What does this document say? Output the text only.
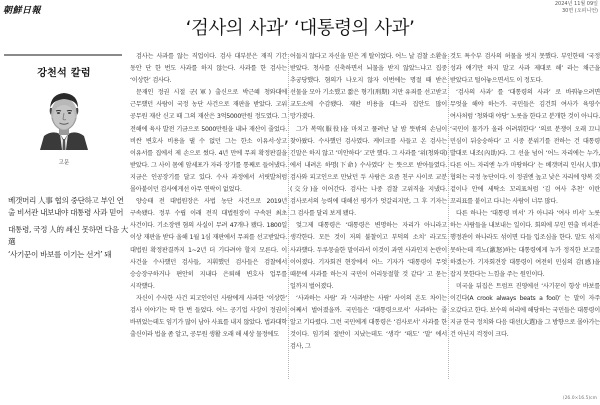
朝鮮日報
2024년 11월 09일
30면 (오피니언)
‘검사의 사과’ ‘대통령의 사과’
강천석 칼럼
고문
베갯머리 人事 협의 중단하고 부인 연출 비서관 내보내야 대통령 사과 믿어
대통령, 국정 人的 쇄신 못하면 다음 大選
‘사기꾼이 바보를 이기는 선거’ 돼

검사는 사과를 않는 직업이다. 검사 대부분은 재직 기간 동안 단 한 번도 사과를 하지 않는다. 사과를 한 검사는 ‘이상한’ 검사다.

문재인 정권 시절 군(軍) 출신으로 박근혜 청와대에 근무했던 사람이 국정 농단 사건으로 재판을 받았다. 고위 공무원 재산 신고 때 그의 재산은 3억5000만원 정도였다. 그 전해에 육사 발전 기금으로 5000만원을 내놔 재산이 줄었다. 비싼 변호사 비용을 댈 수 없던 그는 한소 이유서·상고 이유서를 집에서 제 손으로 썼다. 4년 만에 무죄 확정판결을 받았다. 그 사이 몸에 암세포가 자라 장기를 통째로 들어냈다. 지금은 인공장기를 달고 있다. 수사 과정에서 서릿발처럼 몰아붙이던 검사에게선 아무 연락이 없었다.

양승태 전 대법원장은 사법 농단 사건으로 2019년 구속됐다. 정부 수립 이래 전직 대법원장이 구속된 최초 사건이다. 기소장엔 혐의 사실이 무려 47개나 됐다. 1800일 이상 재판을 받다 올해 1월 1심 재판에서 무죄를 선고받았다. 대법원 확정판결까지 1~2년 더 기다려야 할지 모른다. 이 사건을 수사했던 검사들, 지휘했던 검사들은 검찰에서 승승장구하거나 편안히 지내다 은퇴해 변호사 업무를 시작했다.

자신이 수사한 사건 피고인이던 사람에게 사과한 ‘이상한’ 검사 이야기는 딱 한 번 들었다. 어느 공기업 사장이 정권이 바뀌었는데도 임기가 많이 남아 사표를 내지 않았다. 법과대학 출신이라 법을 좀 알고, 공무원 생활 오래 해 세상 물정에도

어둡지 않다고 자신을 믿은 게 탈이었다. 어느 날 검찰 소환을 받았다. 청사를 신축하면서 뇌물을 받지 않았느냐고 집중 추궁당했다. 혐의가 나오지 않자 이번에는 명절 때 받은 선물을 모아 기소했고 짧은 형기(刑期) 지만 유죄를 선고받고 교도소에 수감됐다. 재판 비용을 대느라 집안도 많이 망가졌다.

그가 복역(服役)을 마치고 풀려난 날 밤 뜻밖의 손님이 찾아왔다. 수사했던 검사였다. 케이크를 사들고 온 검사는 긴말은 하지 않고 ‘미안하다’ 고만 했다. 그 사과를 ‘위(청와대)에서 내려온 하명(下命) 수사였다’ 는 뜻으로 받아들였다. 검사와 피고인으로 만났던 두 사람은 요즘 친구 사이로 교분(交分)을 이어간다. 검사는 나중 검찰 고위직을 지냈다. 검사로서의 능력에 대해선 평가가 엇갈리지만, 그 후 기자는 그 검사를 달리 보게 됐다.

엊그제 대통령은 ‘대통령은 변명하는 자리가 아니라고 생각한다. 모든 것이 저의 불찰이고 부덕의 소치’ 라고도 사과했다. 두루뭉술한 말이라서 이것이 과연 사과인지 논란이 이어졌다. 기자회견 현장에서 어느 기자가 ‘대통령이 무엇 때문에 사과를 하는지 국민이 어리둥절할 것 같다’ 고 묻는 일까지 벌어졌다.

‘사과하는 사람’ 과 ‘사과받는 사람’ 사이의 온도 차이는 어째서 벌어졌을까. 국민들은 ‘대통령으로서’ 사과하는 줄 알고 기다렸다. 그런 국민에게 대통령은 ‘검사로서’ 사과를 한 것이다. 임기의 절반이 지났는데도 ‘생각’ ‘태도’ ‘말’ 에서 검사, 그

것도 특수부 검사의 허물을 벗지 못했다. 부인한테 ‘국정 성과 얘기만 하지 말고 사과 제대로 해’ 라는 채근을 받았다고 털어놓으면서도 이 정도다.

‘검사의 사과’ 를 ‘대통령의 사과’ 로 바꿔놓으려면 무엇을 해야 하는가. 국민들은 김건희 여사가 육영수 여사처럼 ‘청와대 야당’ 노릇을 한다고 분개한 것이 아니다. ‘국민이 물가가 올라 어려워한다’ ‘의료 분쟁이 오래 끄니 민심이 뒤숭숭하다’ 고 시중 분위기를 전하는 건 대통령 발대로 내조(內助)다. 그 선을 넘어 ‘어느 자리에는 누가, 다른 어느 자리엔 누가 마땅하다’ 는 베갯머리 인사(人事) 협의는 국정 농단이다. 이 정권엔 높고 낮은 자리에 양복 깃 겉이나 안에 세탁소 꼬리표처럼 ‘김 여사 추천’ 이란 꼬리표를 붙이고 다니는 사람이 너무 많다.

다른 하나는 ‘대통령 비서’ 가 아니라 ‘여사 비서’ 노릇 하는 사람들을 내보내는 일이다. 회의에 부인 연출 비서관·행정관이 하나라도 섞이면 다들 입조심을 한다. 말도 섞지 못하는데 격노(激怒)하는 대통령에게 누가 정직한 보고를 하겠는가. 기자회견장 대통령이 여전히 민심의 감(感)을 잡지 못한다는 느낌을 주는 원인이다.

미국을 뒤집은 트럼프 진영에선 ‘사기꾼이 항상 바보를 이긴다(A crook always beats a fool)’ 는 말이 자주 오갔다고 한다. 보수의 허리에 해당하는 국민들은 대통령이 지금 한국 정치와 다음 대선(大選)을 그 방향으로 몰아가는 건 아닌지 걱정이 크다.

(26.0×16.5)cm
